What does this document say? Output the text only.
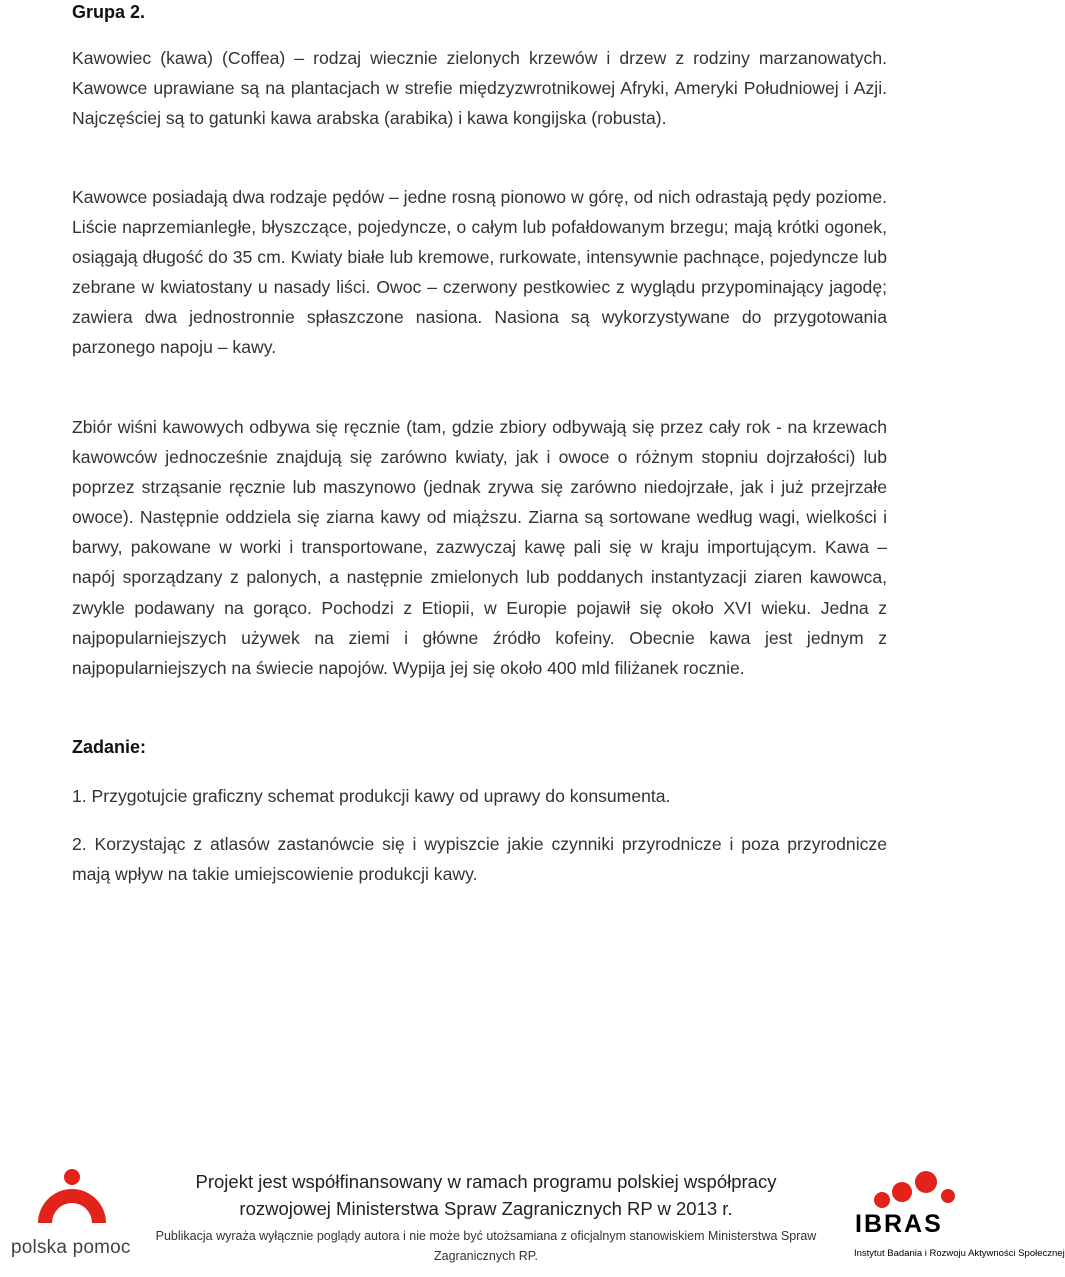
Grupa 2.

Kawowiec (kawa) (Coffea) – rodzaj wiecznie zielonych krzewów i drzew z rodziny marzanowatych. Kawowce uprawiane są na plantacjach w strefie międzyzwrotnikowej Afryki, Ameryki Południowej i Azji. Najczęściej są to gatunki kawa arabska (arabika) i kawa kongijska (robusta).

Kawowce posiadają dwa rodzaje pędów – jedne rosną pionowo w górę, od nich odrastają pędy poziome. Liście naprzemianległe, błyszczące, pojedyncze, o całym lub pofałdowanym brzegu; mają krótki ogonek, osiągają długość do 35 cm. Kwiaty białe lub kremowe, rurkowate, intensywnie pachnące, pojedyncze lub zebrane w kwiatostany u nasady liści. Owoc – czerwony pestkowiec z wyglądu przypominający jagodę; zawiera dwa jednostronnie spłaszczone nasiona. Nasiona są wykorzystywane do przygotowania parzonego napoju – kawy.

Zbiór wiśni kawowych odbywa się ręcznie (tam, gdzie zbiory odbywają się przez cały rok - na krzewach kawowców jednocześnie znajdują się zarówno kwiaty, jak i owoce o różnym stopniu dojrzałości) lub poprzez strząsanie ręcznie lub maszynowo (jednak zrywa się zarówno niedojrzałe, jak i już przejrzałe owoce). Następnie oddziela się ziarna kawy od miąższu. Ziarna są sortowane według wagi, wielkości i barwy, pakowane w worki i transportowane, zazwyczaj kawę pali się w kraju importującym. Kawa – napój sporządzany z palonych, a następnie zmielonych lub poddanych instantyzacji ziaren kawowca, zwykle podawany na gorąco. Pochodzi z Etiopii, w Europie pojawił się około XVI wieku. Jedna z najpopularniejszych używek na ziemi i główne źródło kofeiny. Obecnie kawa jest jednym z najpopularniejszych na świecie napojów. Wypija jej się około 400 mld filiżanek rocznie.

Zadanie:

1. Przygotujcie graficzny schemat produkcji kawy od uprawy do konsumenta.

2. Korzystając z atlasów zastanówcie się i wypiszcie jakie czynniki przyrodnicze i poza przyrodnicze mają wpływ na takie umiejscowienie produkcji kawy.

polska pomoc

Projekt jest współfinansowany w ramach programu polskiej współpracy rozwojowej Ministerstwa Spraw Zagranicznych RP w 2013 r.

Publikacja wyraża wyłącznie poglądy autora i nie może być utożsamiana z oficjalnym stanowiskiem Ministerstwa Spraw Zagranicznych RP.

IBRAS
Instytut Badania i Rozwoju Aktywności Społecznej
